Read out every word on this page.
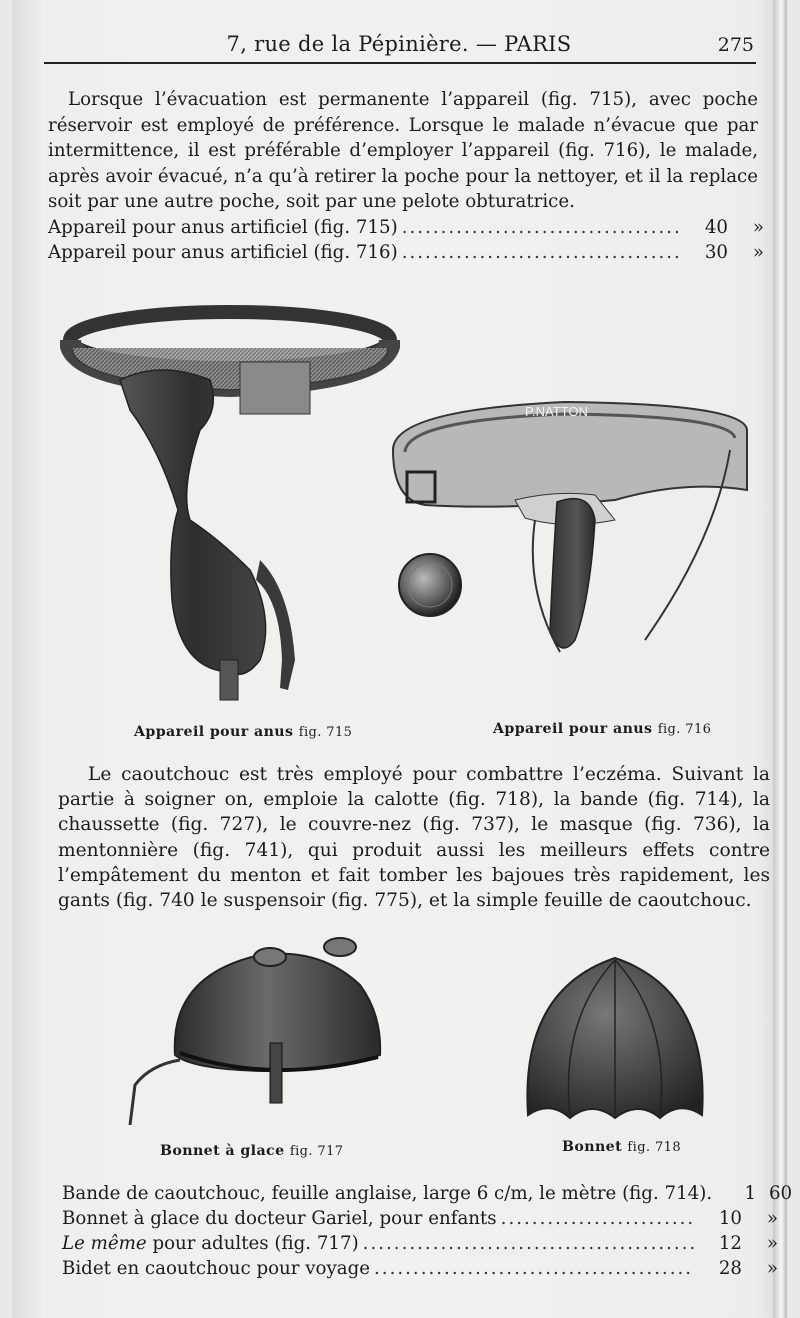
7, rue de la Pépinière. — PARIS	275
Lorsque l’évacuation est permanente l’appareil (fig. 715), avec poche réservoir est employé de préférence. Lorsque le malade n’évacue que par intermittence, il est préférable d’employer l’appareil (fig. 716), le malade, après avoir évacué, n’a qu’à retirer la poche pour la nettoyer, et il la replace soit par une autre poche, soit par une pelote obturatrice.
Appareil pour anus artificiel (fig. 715) .....	40	»
Appareil pour anus artificiel (fig. 716) .....	30	»
Appareil pour anus fig. 715
P.NATTON
Appareil pour anus fig. 716
Le caoutchouc est très employé pour combattre l’eczéma. Suivant la partie à soigner on, emploie la calotte (fig. 718), la bande (fig. 714), la chaussette (fig. 727), le couvre-nez (fig. 737), le masque (fig. 736), la mentonnière (fig. 741), qui produit aussi les meilleurs effets contre l’empâtement du menton et fait tomber les bajoues très rapidement, les gants (fig. 740 le suspensoir (fig. 775), et la simple feuille de caoutchouc.
Bonnet à glace fig. 717	Bonnet fig. 718
Bande de caoutchouc, feuille anglaise, large 6 c/m, le mètre (fig. 714).	1 60
Bonnet à glace du docteur Gariel, pour enfants .....	10	»
Le même pour adultes (fig. 717) .....	12	»
Bidet en caoutchouc pour voyage .....	28	»
